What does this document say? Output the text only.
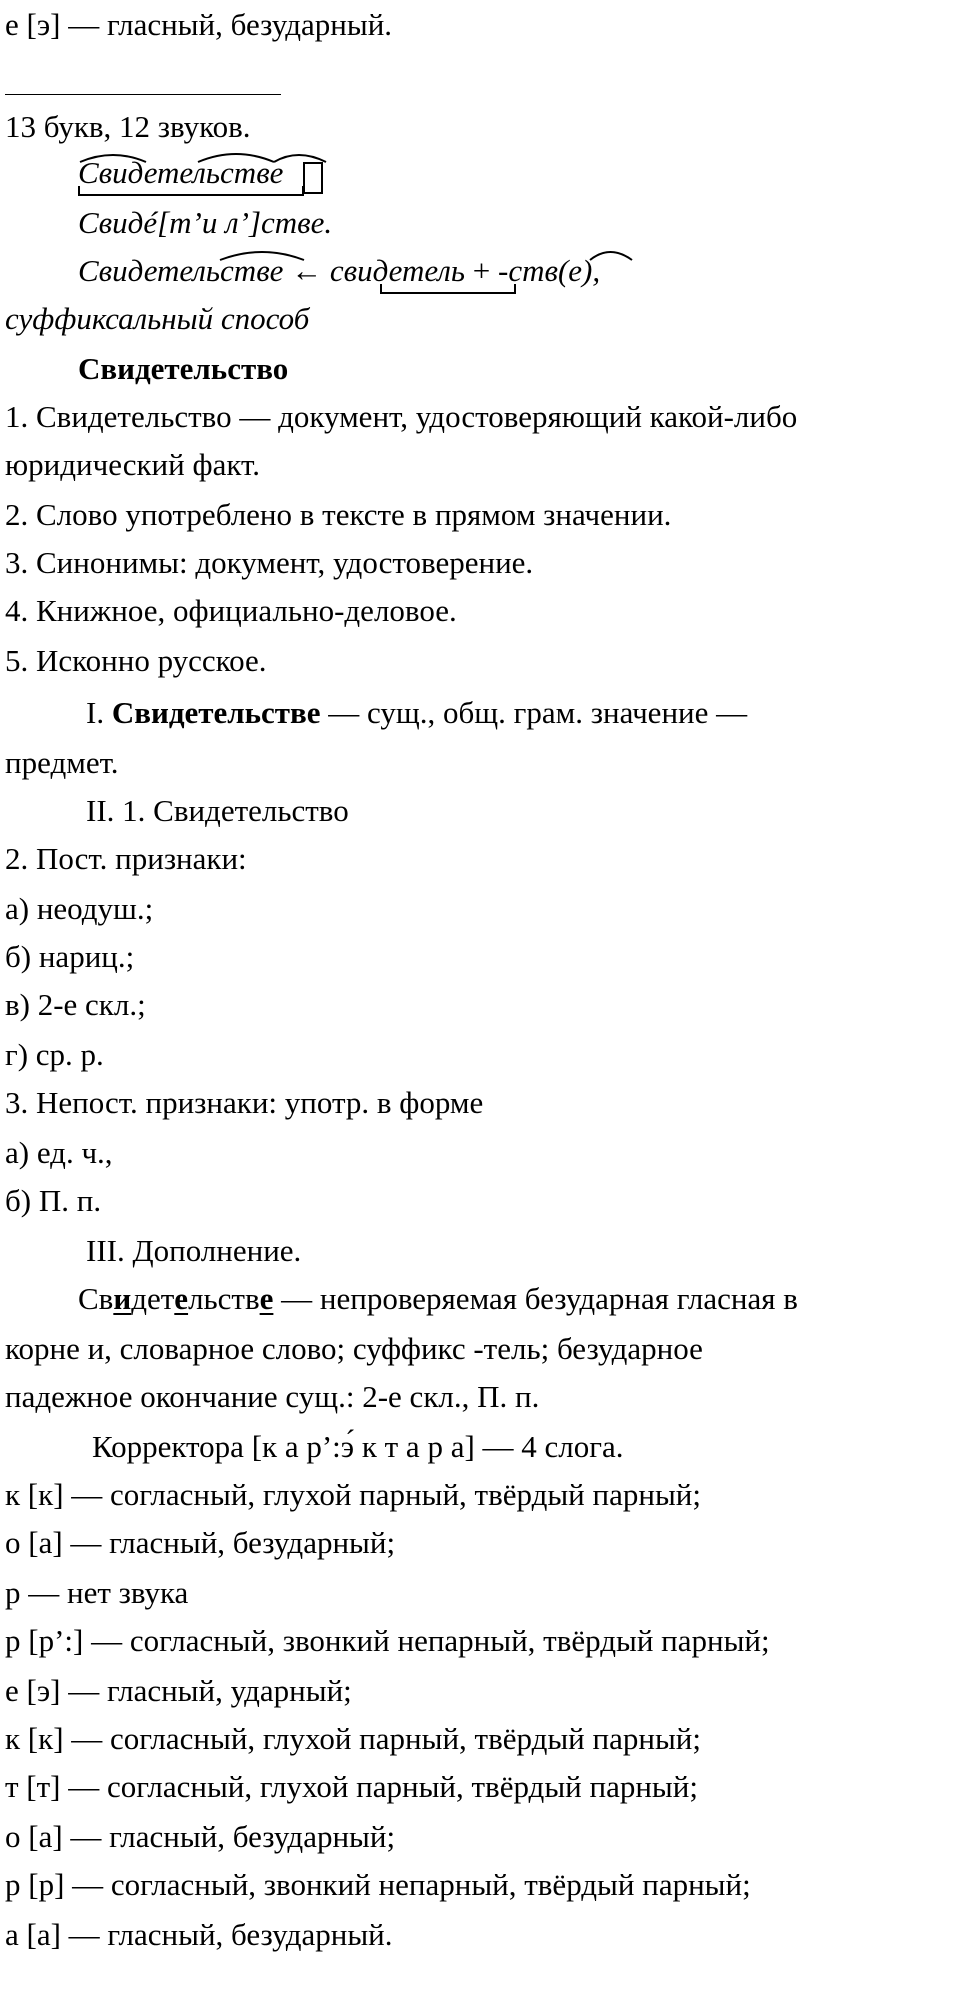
е [э] — гласный, безударный.
13 букв, 12 звуков.
Свидетельстве
Свидé[т’и л’]стве.
Свидетельстве ← свидетель + -ств(е),
суффиксальный способ
Свидетельство
1. Свидетельство — документ, удостоверяющий какой-либо
юридический факт.
2. Слово употреблено в тексте в прямом значении.
3. Синонимы: документ, удостоверение.
4. Книжное, официально-деловое.
5. Исконно русское.
I. Свидетельстве — сущ., общ. грам. значение —
предмет.
II. 1. Свидетельство
2. Пост. признаки:
а) неодуш.;
б) нариц.;
в) 2-е скл.;
г) ср. р.
3. Непост. признаки: употр. в форме
а) ед. ч.,
б) П. п.
III. Дополнение.
Свидетельстве — непроверяемая безударная гласная в
корне и, словарное слово; суффикс -тель; безударное
падежное окончание сущ.: 2-е скл., П. п.
Корректора [к а р’:э́ к т а р а] — 4 слога.
к [к] — согласный, глухой парный, твёрдый парный;
о [а] — гласный, безударный;
р — нет звука
р [р’:] — согласный, звонкий непарный, твёрдый парный;
е [э] — гласный, ударный;
к [к] — согласный, глухой парный, твёрдый парный;
т [т] — согласный, глухой парный, твёрдый парный;
о [а] — гласный, безударный;
р [р] — согласный, звонкий непарный, твёрдый парный;
а [а] — гласный, безударный.
